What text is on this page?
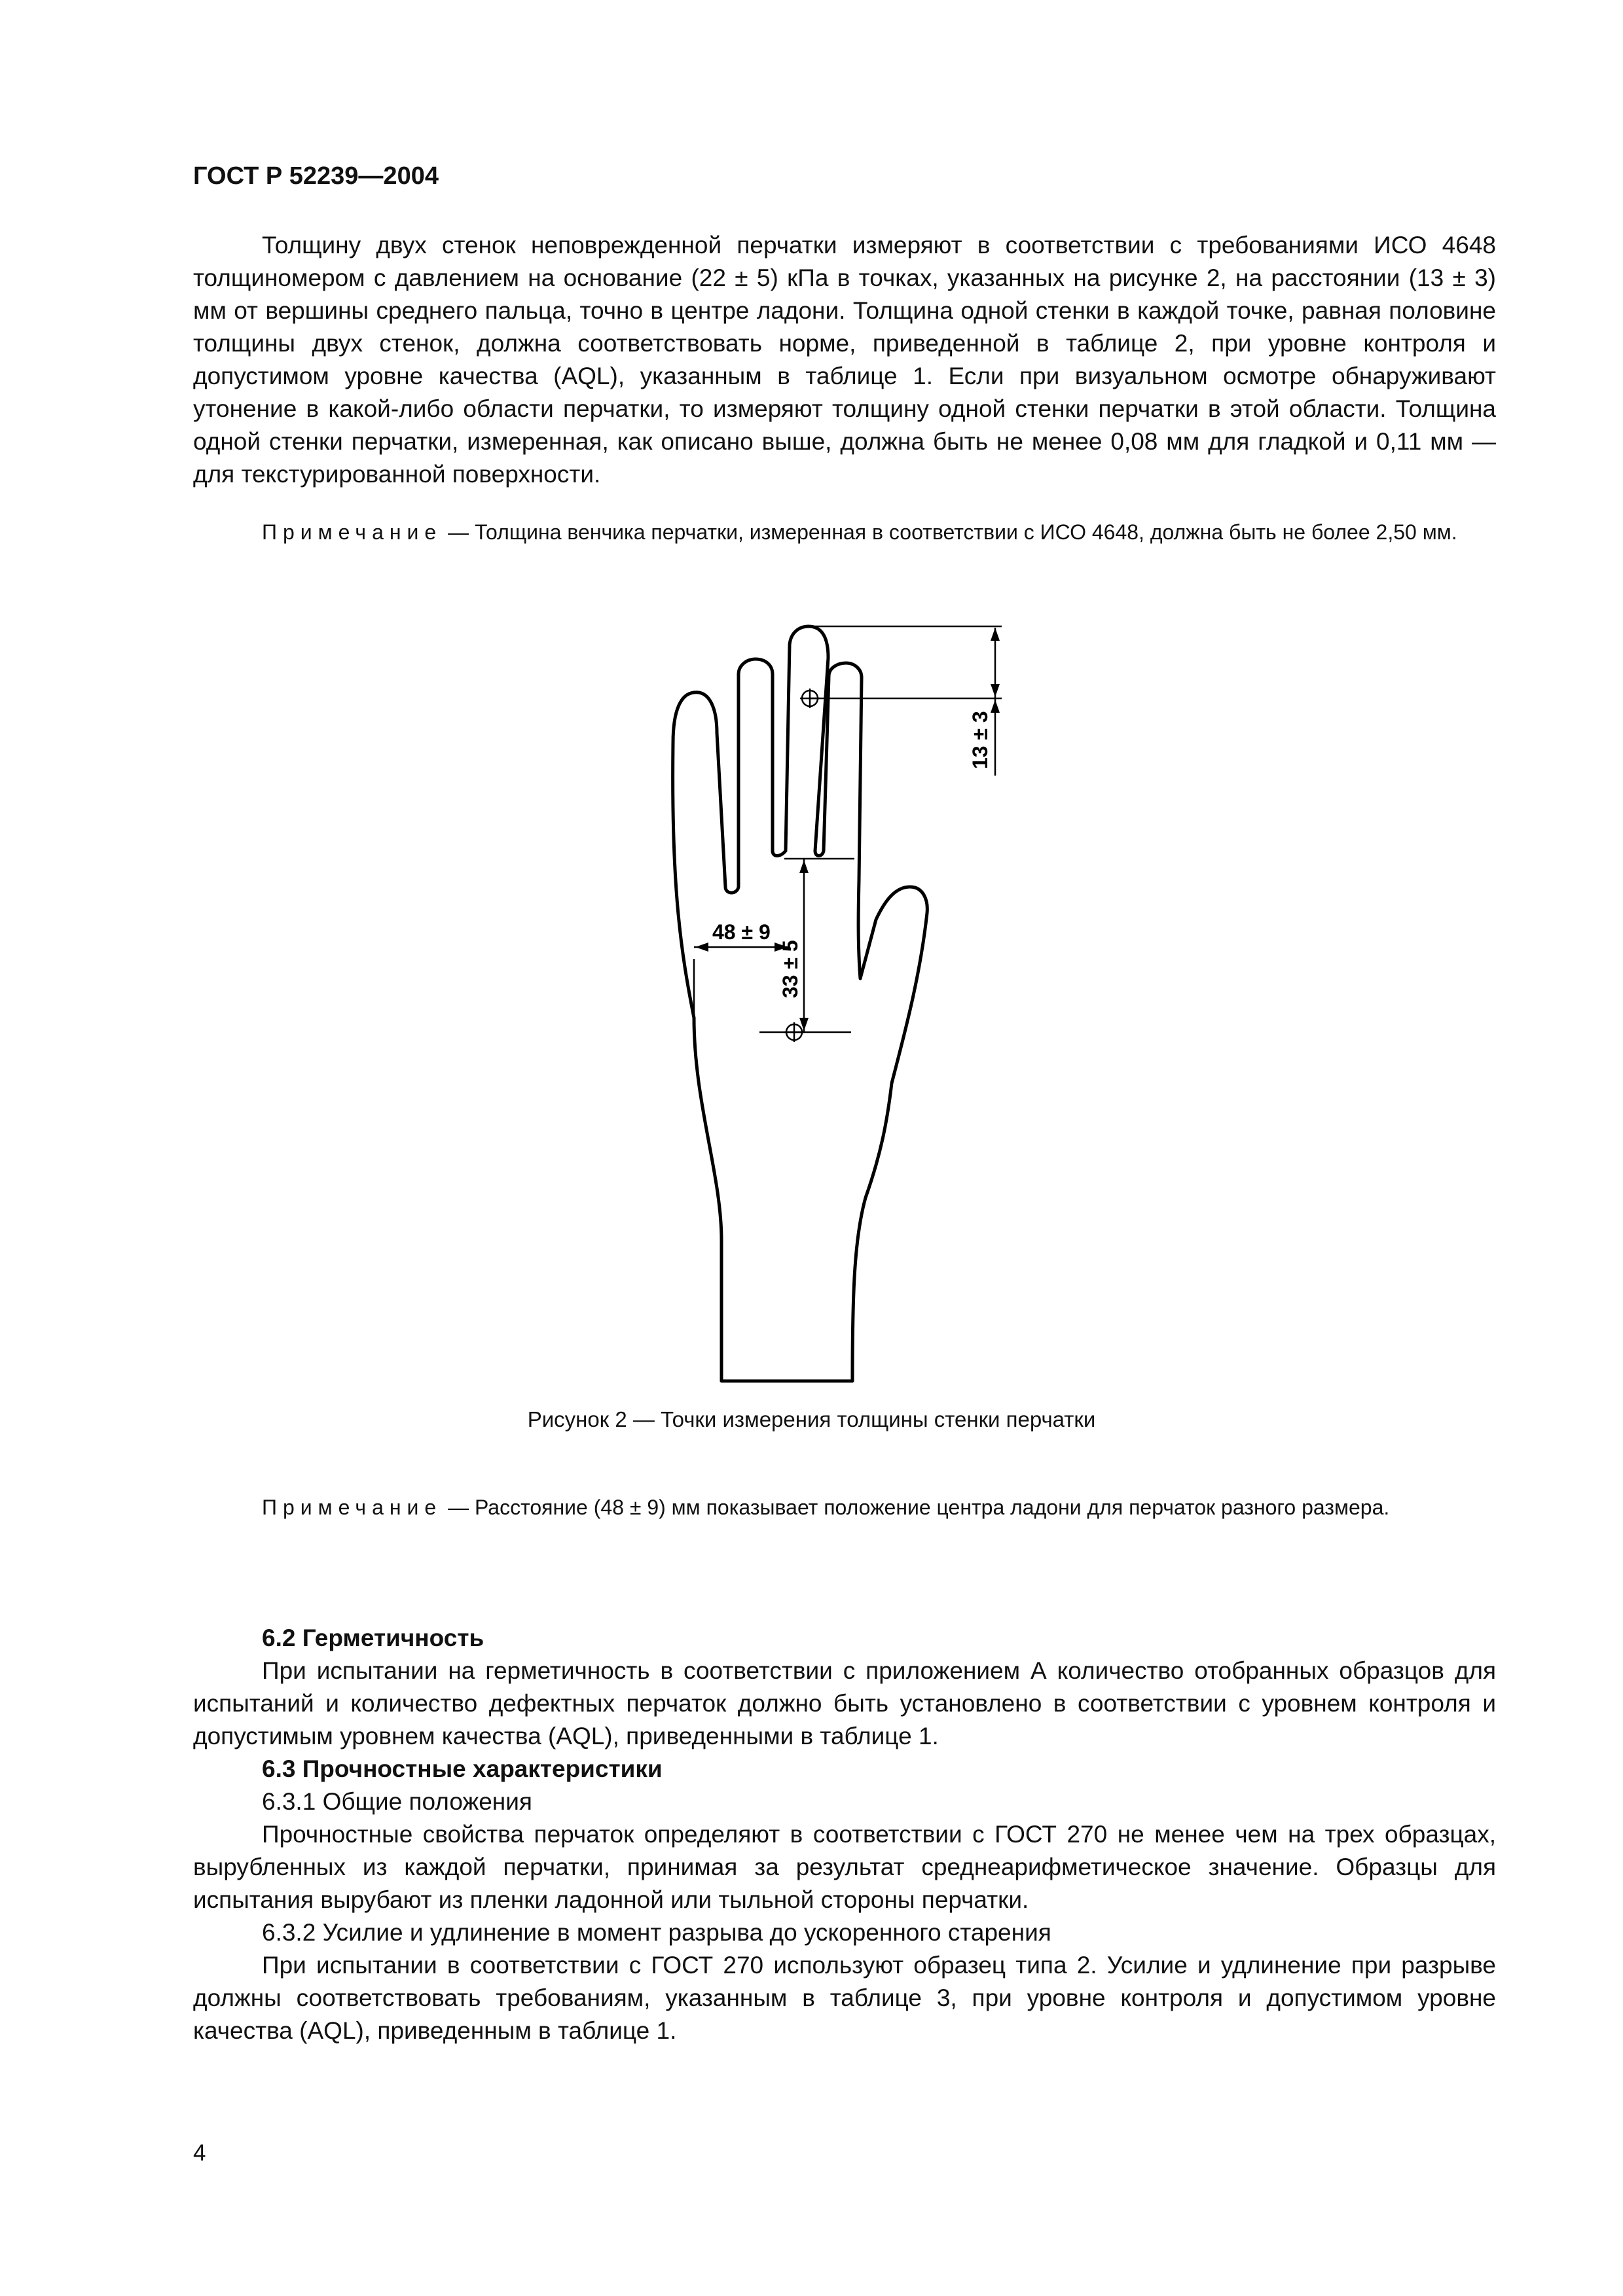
ГОСТ Р 52239—2004

Толщину двух стенок неповрежденной перчатки измеряют в соответствии с требованиями ИСО 4648 толщиномером с давлением на основание (22 ± 5) кПа в точках, указанных на рисунке 2, на расстоянии (13 ± 3) мм от вершины среднего пальца, точно в центре ладони. Толщина одной стенки в каждой точке, равная половине толщины двух стенок, должна соответствовать норме, приведенной в таблице 2, при уровне контроля и допустимом уровне качества (AQL), указанным в таблице 1. Если при визуальном осмотре обнаруживают утонение в какой-либо области перчатки, то измеряют толщину одной стенки перчатки в этой области. Толщина одной стенки перчатки, измеренная, как описано выше, должна быть не менее 0,08 мм для гладкой и 0,11 мм — для текстурированной поверхности.

Примечание — Толщина венчика перчатки, измеренная в соответствии с ИСО 4648, должна быть не более 2,50 мм.

13 ± 3
33 ± 5
48 ± 9
Рисунок 2 — Точки измерения толщины стенки перчатки

Примечание — Расстояние (48 ± 9) мм показывает положение центра ладони для перчаток разного размера.

6.2 Герметичность

При испытании на герметичность в соответствии с приложением А количество отобранных образцов для испытаний и количество дефектных перчаток должно быть установлено в соответствии с уровнем контроля и допустимым уровнем качества (AQL), приведенными в таблице 1.

6.3 Прочностные характеристики
6.3.1 Общие положения

Прочностные свойства перчаток определяют в соответствии с ГОСТ 270 не менее чем на трех образцах, вырубленных из каждой перчатки, принимая за результат среднеарифметическое значение. Образцы для испытания вырубают из пленки ладонной или тыльной стороны перчатки.

6.3.2 Усилие и удлинение в момент разрыва до ускоренного старения

При испытании в соответствии с ГОСТ 270 используют образец типа 2. Усилие и удлинение при разрыве должны соответствовать требованиям, указанным в таблице 3, при уровне контроля и допустимом уровне качества (AQL), приведенным в таблице 1.

4
